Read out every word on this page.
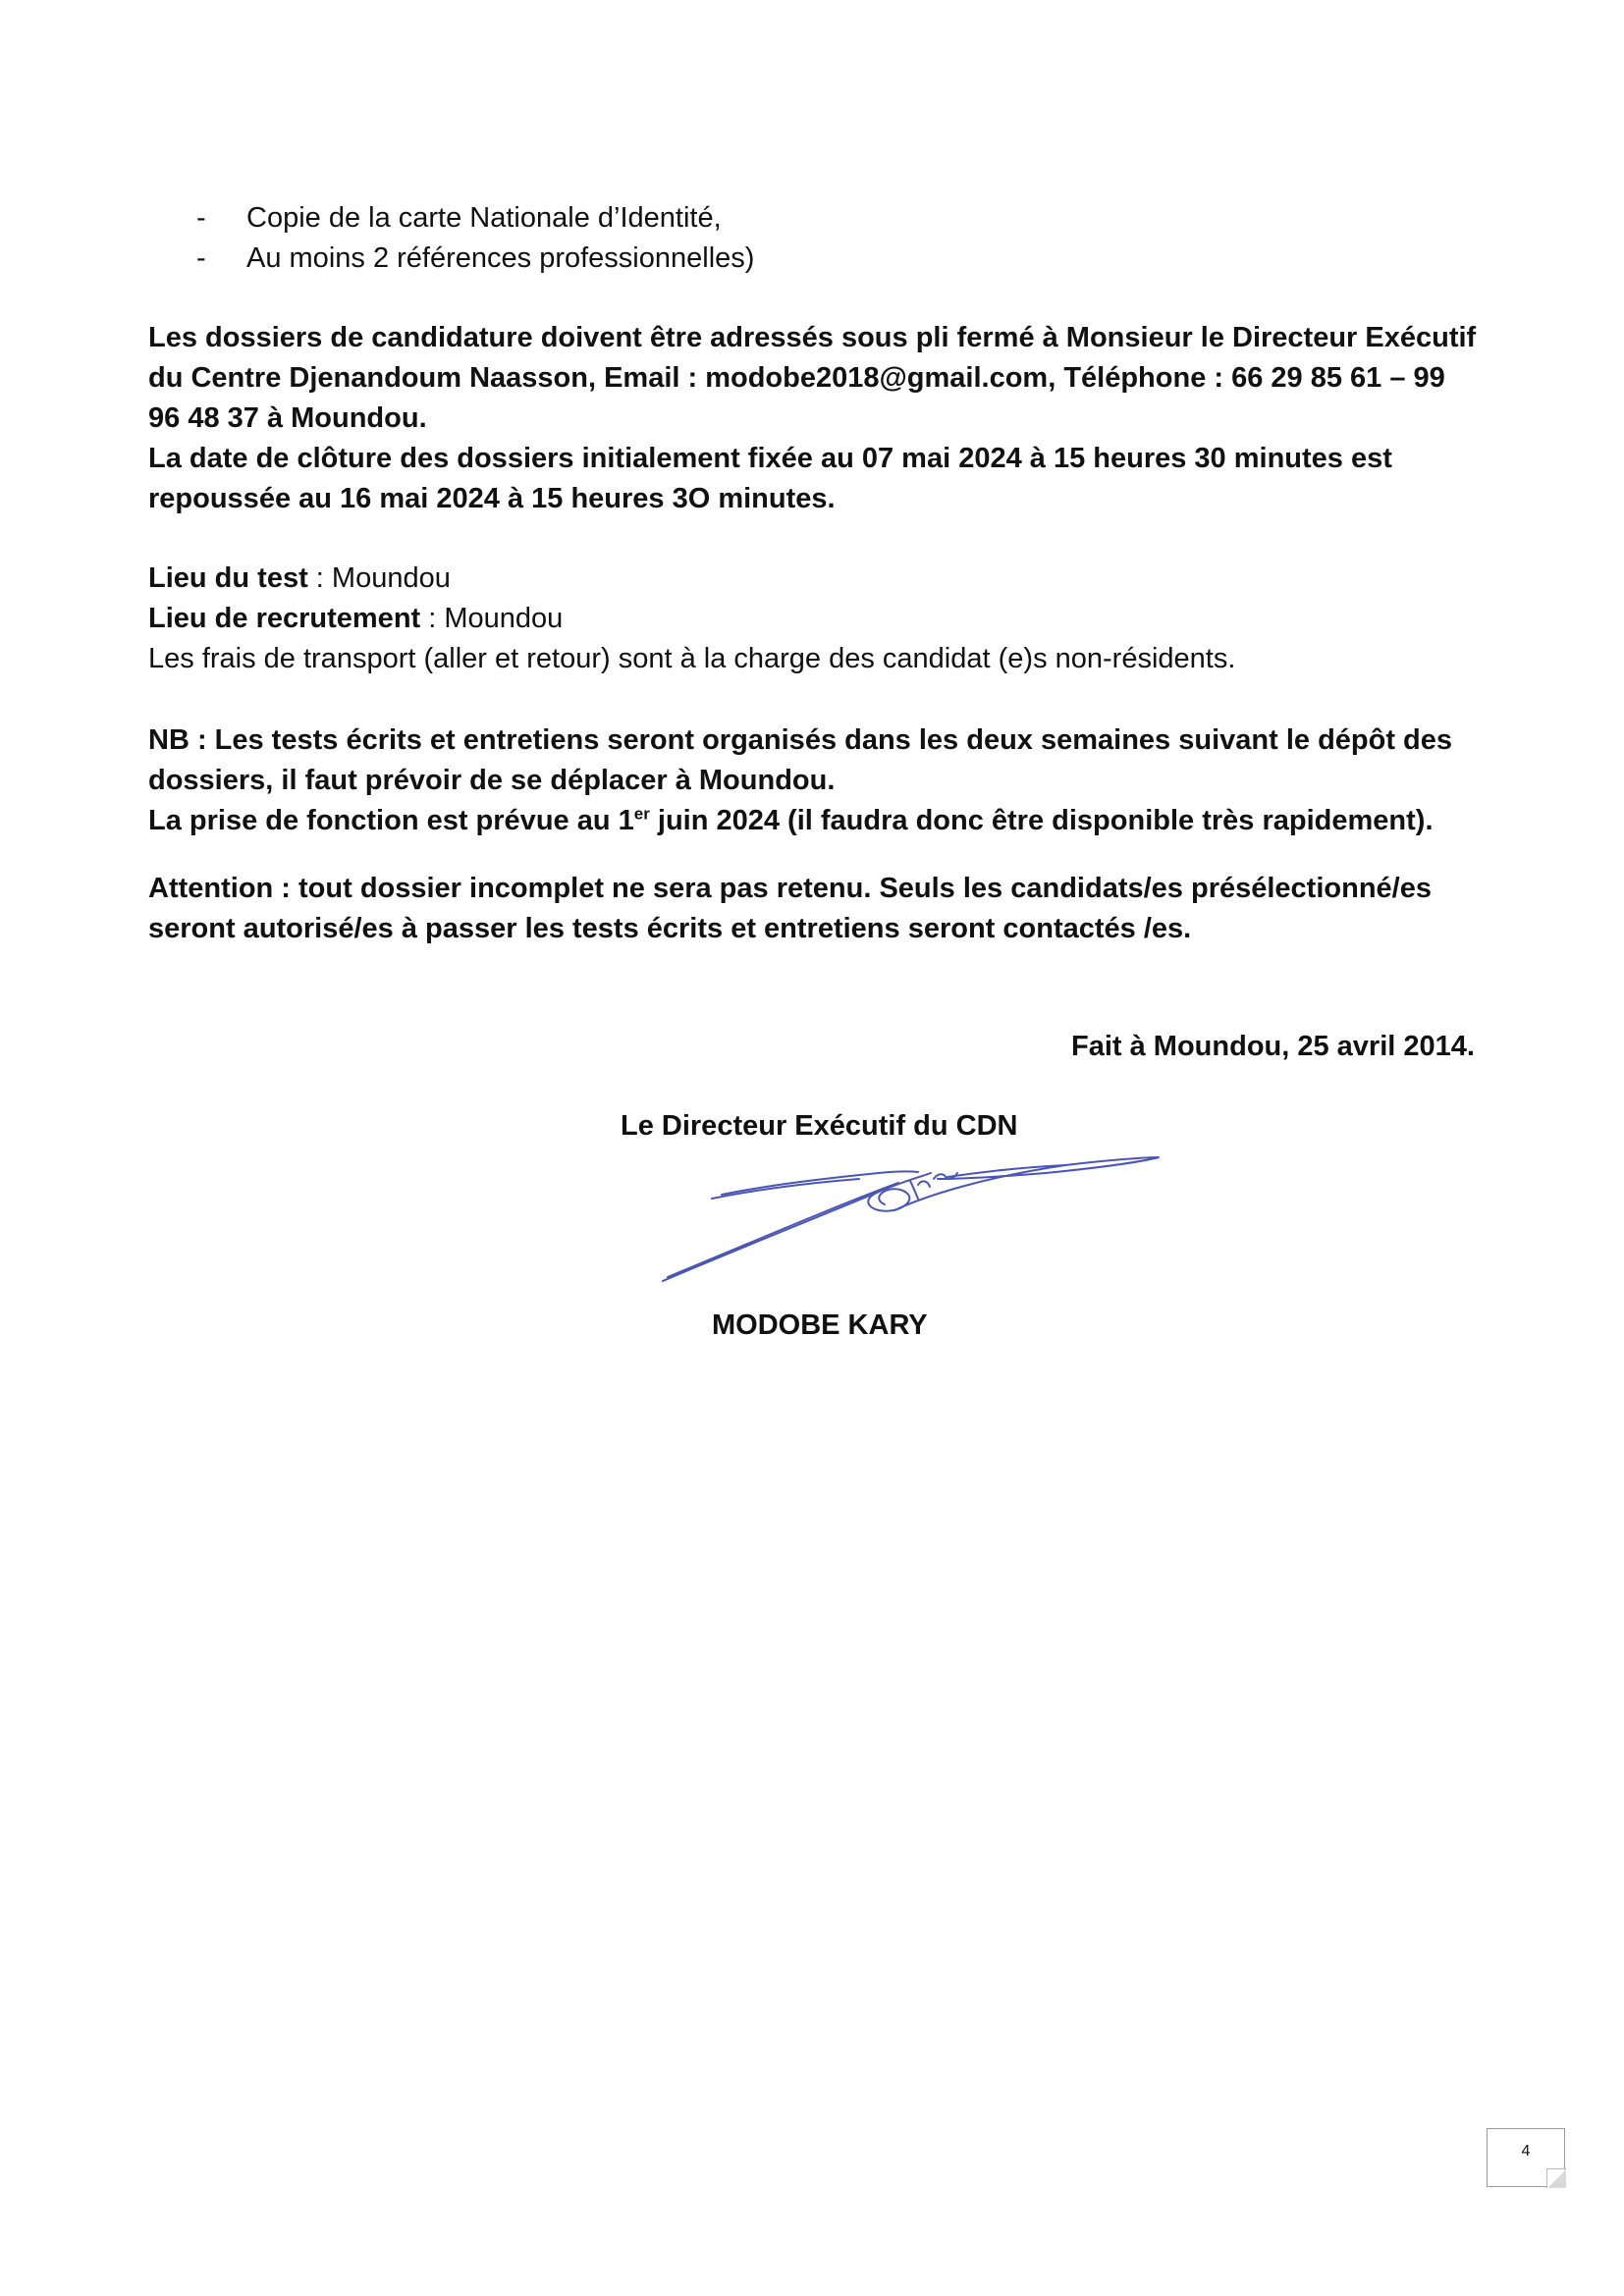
- Copie de la carte Nationale d’Identité,
- Au moins 2 références professionnelles)
Les dossiers de candidature doivent être adressés sous pli fermé à Monsieur le Directeur Exécutif
du Centre Djenandoum Naasson, Email : modobe2018@gmail.com, Téléphone : 66 29 85 61 – 99
96 48 37 à Moundou.
La date de clôture des dossiers initialement fixée au 07 mai 2024 à 15 heures 30 minutes est
repoussée au 16 mai 2024 à 15 heures 3O minutes.
Lieu du test : Moundou
Lieu de recrutement : Moundou
Les frais de transport (aller et retour) sont à la charge des candidat (e)s non-résidents.
NB : Les tests écrits et entretiens seront organisés dans les deux semaines suivant le dépôt des
dossiers, il faut prévoir de se déplacer à Moundou.
La prise de fonction est prévue au 1er juin 2024 (il faudra donc être disponible très rapidement).
Attention : tout dossier incomplet ne sera pas retenu. Seuls les candidats/es présélectionné/es
seront autorisé/es à passer les tests écrits et entretiens seront contactés /es.
Fait à Moundou, 25 avril 2014.
Le Directeur Exécutif du CDN
MODOBE KARY
4
